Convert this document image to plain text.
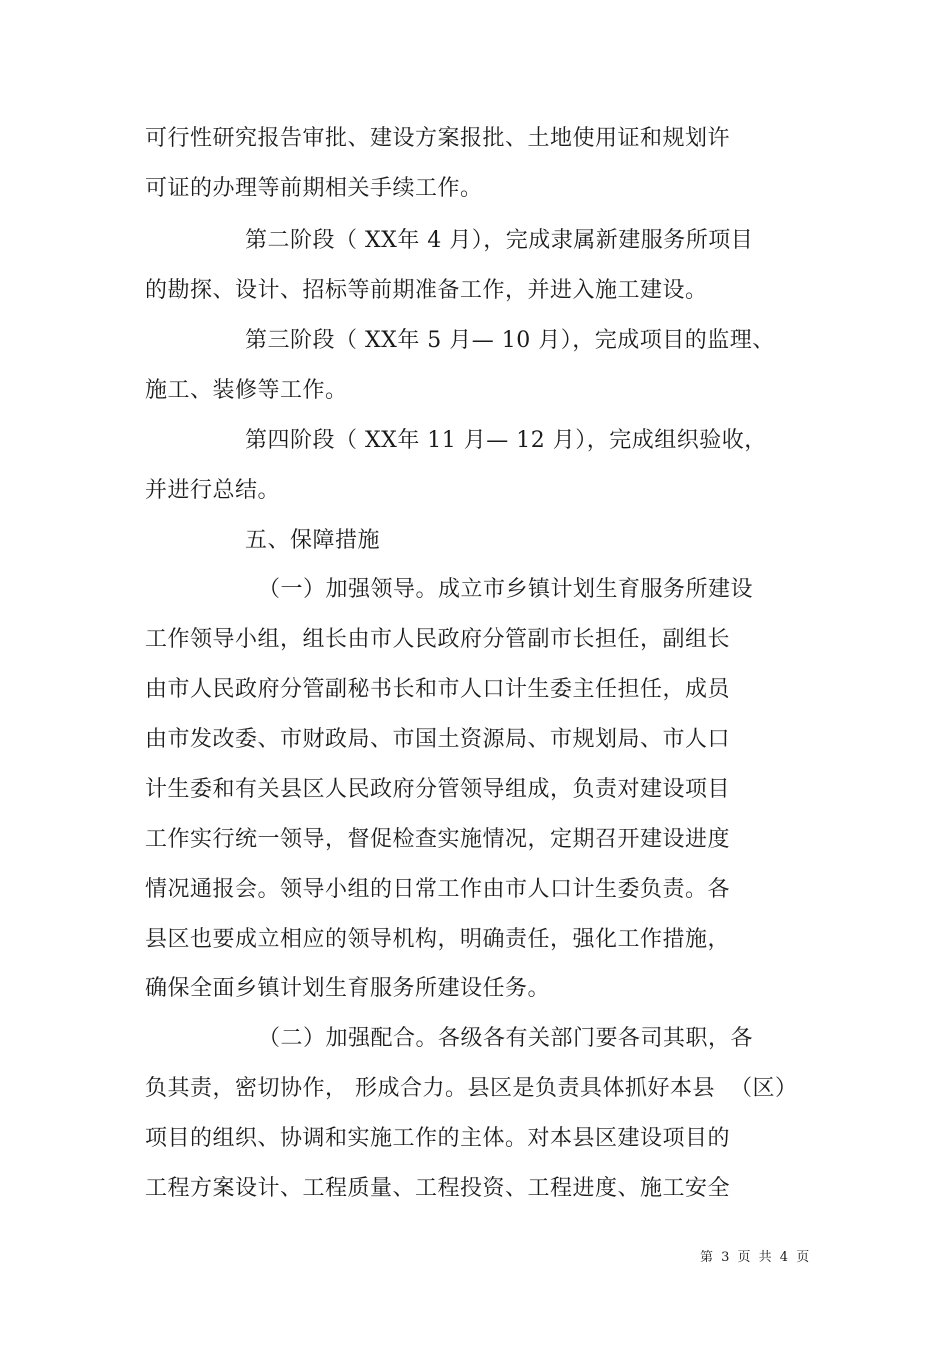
可行性研究报告审批、建设方案报批、土地使用证和规划许
可证的办理等前期相关手续工作。
第二阶段（ XX年 4 月），完成隶属新建服务所项目
的勘探、设计、招标等前期准备工作，并进入施工建设。
第三阶段（ XX年 5 月— 10 月），完成项目的监理、
施工、装修等工作。
第四阶段（ XX年 11 月— 12 月），完成组织验收，
并进行总结。
五、保障措施
（一）加强领导。成立市乡镇计划生育服务所建设
工作领导小组，组长由市人民政府分管副市长担任，副组长
由市人民政府分管副秘书长和市人口计生委主任担任，成员
由市发改委、市财政局、市国土资源局、市规划局、市人口
计生委和有关县区人民政府分管领导组成，负责对建设项目
工作实行统一领导，督促检查实施情况，定期召开建设进度
情况通报会。领导小组的日常工作由市人口计生委负责。各
县区也要成立相应的领导机构，明确责任，强化工作措施，
确保全面乡镇计划生育服务所建设任务。
（二）加强配合。各级各有关部门要各司其职，各
负其责，密切协作， 形成合力。县区是负责具体抓好本县  （区）
项目的组织、协调和实施工作的主体。对本县区建设项目的
工程方案设计、工程质量、工程投资、工程进度、施工安全
第 3 页 共 4 页
